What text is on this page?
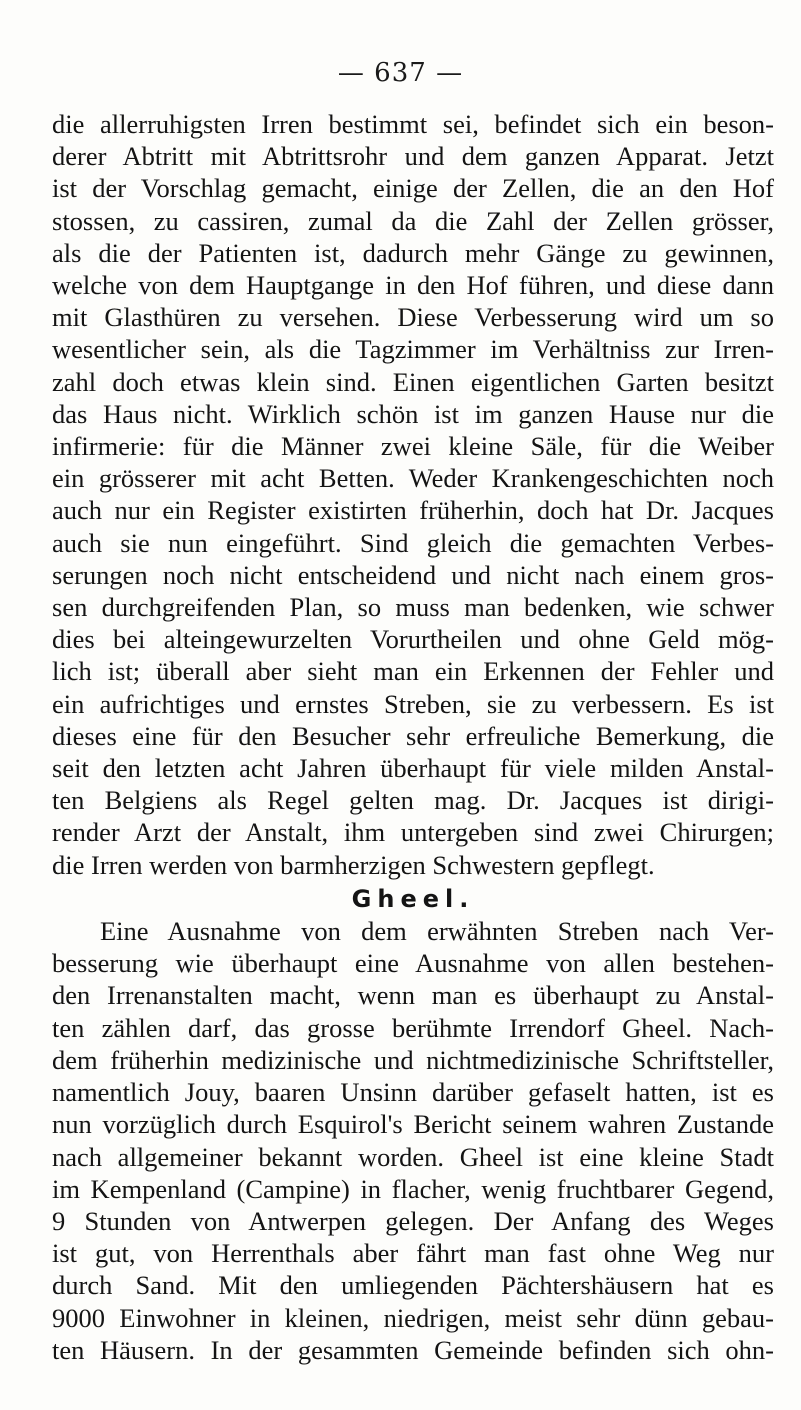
— 637 —
die allerruhigsten Irren bestimmt sei, befindet sich ein beson-
derer Abtritt mit Abtrittsrohr und dem ganzen Apparat. Jetzt
ist der Vorschlag gemacht, einige der Zellen, die an den Hof
stossen, zu cassiren, zumal da die Zahl der Zellen grösser,
als die der Patienten ist, dadurch mehr Gänge zu gewinnen,
welche von dem Hauptgange in den Hof führen, und diese dann
mit Glasthüren zu versehen. Diese Verbesserung wird um so
wesentlicher sein, als die Tagzimmer im Verhältniss zur Irren-
zahl doch etwas klein sind. Einen eigentlichen Garten besitzt
das Haus nicht. Wirklich schön ist im ganzen Hause nur die
infirmerie: für die Männer zwei kleine Säle, für die Weiber
ein grösserer mit acht Betten. Weder Krankengeschichten noch
auch nur ein Register existirten früherhin, doch hat Dr. Jacques
auch sie nun eingeführt. Sind gleich die gemachten Verbes-
serungen noch nicht entscheidend und nicht nach einem gros-
sen durchgreifenden Plan, so muss man bedenken, wie schwer
dies bei alteingewurzelten Vorurtheilen und ohne Geld mög-
lich ist; überall aber sieht man ein Erkennen der Fehler und
ein aufrichtiges und ernstes Streben, sie zu verbessern. Es ist
dieses eine für den Besucher sehr erfreuliche Bemerkung, die
seit den letzten acht Jahren überhaupt für viele milden Anstal-
ten Belgiens als Regel gelten mag. Dr. Jacques ist dirigi-
render Arzt der Anstalt, ihm untergeben sind zwei Chirurgen;
die Irren werden von barmherzigen Schwestern gepflegt.
Gheel.
Eine Ausnahme von dem erwähnten Streben nach Ver-
besserung wie überhaupt eine Ausnahme von allen bestehen-
den Irrenanstalten macht, wenn man es überhaupt zu Anstal-
ten zählen darf, das grosse berühmte Irrendorf Gheel. Nach-
dem früherhin medizinische und nichtmedizinische Schriftsteller,
namentlich Jouy, baaren Unsinn darüber gefaselt hatten, ist es
nun vorzüglich durch Esquirol's Bericht seinem wahren Zustande
nach allgemeiner bekannt worden. Gheel ist eine kleine Stadt
im Kempenland (Campine) in flacher, wenig fruchtbarer Gegend,
9 Stunden von Antwerpen gelegen. Der Anfang des Weges
ist gut, von Herrenthals aber fährt man fast ohne Weg nur
durch Sand. Mit den umliegenden Pächtershäusern hat es
9000 Einwohner in kleinen, niedrigen, meist sehr dünn gebau-
ten Häusern. In der gesammten Gemeinde befinden sich ohn-
